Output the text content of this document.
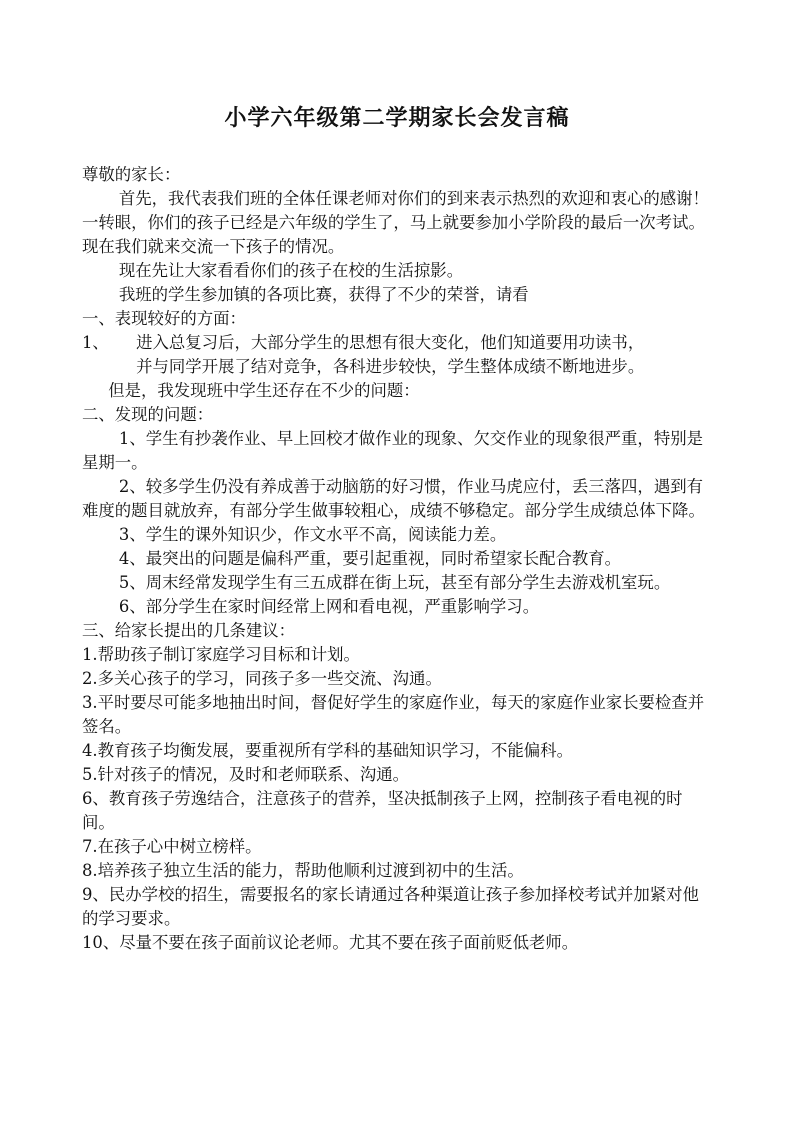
小学六年级第二学期家长会发言稿

尊敬的家长：

首先，我代表我们班的全体任课老师对你们的到来表示热烈的欢迎和衷心的感谢！一转眼，你们的孩子已经是六年级的学生了，马上就要参加小学阶段的最后一次考试。现在我们就来交流一下孩子的情况。

现在先让大家看看你们的孩子在校的生活掠影。

我班的学生参加镇的各项比赛，获得了不少的荣誉，请看

一、表现较好的方面：

1、 进入总复习后，大部分学生的思想有很大变化，他们知道要用功读书，

并与同学开展了结对竞争，各科进步较快，学生整体成绩不断地进步。

但是，我发现班中学生还存在不少的问题：

二、发现的问题：

1、学生有抄袭作业、早上回校才做作业的现象、欠交作业的现象很严重，特别是星期一。

2、较多学生仍没有养成善于动脑筋的好习惯，作业马虎应付，丢三落四，遇到有难度的题目就放弃，有部分学生做事较粗心，成绩不够稳定。部分学生成绩总体下降。

3、学生的课外知识少，作文水平不高，阅读能力差。

4、最突出的问题是偏科严重，要引起重视，同时希望家长配合教育。

5、周末经常发现学生有三五成群在街上玩，甚至有部分学生去游戏机室玩。

6、部分学生在家时间经常上网和看电视，严重影响学习。

三、给家长提出的几条建议：

1.帮助孩子制订家庭学习目标和计划。

2.多关心孩子的学习，同孩子多一些交流、沟通。

3.平时要尽可能多地抽出时间，督促好学生的家庭作业，每天的家庭作业家长要检查并签名。

4.教育孩子均衡发展，要重视所有学科的基础知识学习，不能偏科。

5.针对孩子的情况，及时和老师联系、沟通。

6、教育孩子劳逸结合，注意孩子的营养，坚决抵制孩子上网，控制孩子看电视的时间。

7.在孩子心中树立榜样。

8.培养孩子独立生活的能力，帮助他顺利过渡到初中的生活。

9、民办学校的招生，需要报名的家长请通过各种渠道让孩子参加择校考试并加紧对他的学习要求。

10、尽量不要在孩子面前议论老师。尤其不要在孩子面前贬低老师。
